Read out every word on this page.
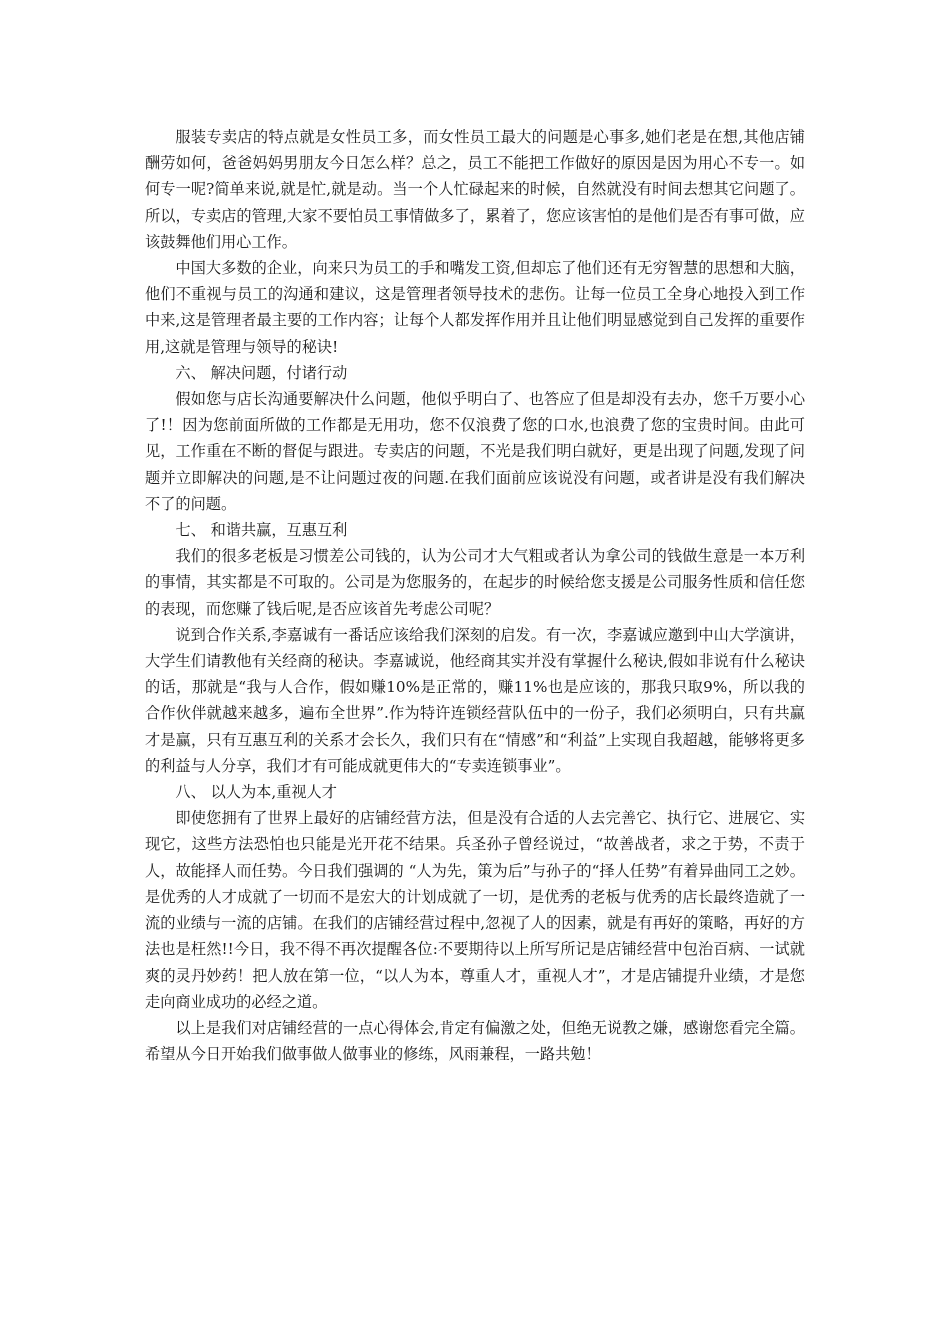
服装专卖店的特点就是女性员工多，而女性员工最大的问题是心事多,她们老是在想,其他店铺酬劳如何，爸爸妈妈男朋友今日怎么样？总之，员工不能把工作做好的原因是因为用心不专一。如何专一呢?简单来说,就是忙,就是动。当一个人忙碌起来的时候，自然就没有时间去想其它问题了。所以，专卖店的管理,大家不要怕员工事情做多了，累着了，您应该害怕的是他们是否有事可做，应该鼓舞他们用心工作。

中国大多数的企业，向来只为员工的手和嘴发工资,但却忘了他们还有无穷智慧的思想和大脑，他们不重视与员工的沟通和建议，这是管理者领导技术的悲伤。让每一位员工全身心地投入到工作中来,这是管理者最主要的工作内容；让每个人都发挥作用并且让他们明显感觉到自己发挥的重要作用,这就是管理与领导的秘诀!

六、 解决问题，付诸行动

假如您与店长沟通要解决什么问题，他似乎明白了、也答应了但是却没有去办，您千万要小心了!！因为您前面所做的工作都是无用功，您不仅浪费了您的口水,也浪费了您的宝贵时间。由此可见，工作重在不断的督促与跟进。专卖店的问题，不光是我们明白就好，更是出现了问题,发现了问题并立即解决的问题,是不让问题过夜的问题.在我们面前应该说没有问题，或者讲是没有我们解决不了的问题。

七、 和谐共赢，互惠互利

我们的很多老板是习惯差公司钱的，认为公司才大气粗或者认为拿公司的钱做生意是一本万利的事情，其实都是不可取的。公司是为您服务的，在起步的时候给您支援是公司服务性质和信任您的表现，而您赚了钱后呢,是否应该首先考虑公司呢？

说到合作关系,李嘉诚有一番话应该给我们深刻的启发。有一次，李嘉诚应邀到中山大学演讲，大学生们请教他有关经商的秘诀。李嘉诚说，他经商其实并没有掌握什么秘诀,假如非说有什么秘诀的话，那就是“我与人合作，假如赚10%是正常的，赚11%也是应该的，那我只取9%，所以我的合作伙伴就越来越多，遍布全世界”.作为特许连锁经营队伍中的一份子，我们必须明白，只有共赢才是赢，只有互惠互利的关系才会长久，我们只有在“情感”和“利益”上实现自我超越，能够将更多的利益与人分享，我们才有可能成就更伟大的“专卖连锁事业”。

八、 以人为本,重视人才

即使您拥有了世界上最好的店铺经营方法，但是没有合适的人去完善它、执行它、进展它、实现它，这些方法恐怕也只能是光开花不结果。兵圣孙子曾经说过，“故善战者，求之于势，不责于人，故能择人而任势。今日我们强调的 “人为先，策为后”与孙子的“择人任势”有着异曲同工之妙。是优秀的人才成就了一切而不是宏大的计划成就了一切，是优秀的老板与优秀的店长最终造就了一流的业绩与一流的店铺。在我们的店铺经营过程中,忽视了人的因素，就是有再好的策略，再好的方法也是枉然!!今日，我不得不再次提醒各位:不要期待以上所写所记是店铺经营中包治百病、一试就爽的灵丹妙药！把人放在第一位，“以人为本，尊重人才，重视人才”，才是店铺提升业绩，才是您走向商业成功的必经之道。

以上是我们对店铺经营的一点心得体会,肯定有偏激之处，但绝无说教之嫌，感谢您看完全篇。希望从今日开始我们做事做人做事业的修练，风雨兼程，一路共勉！
